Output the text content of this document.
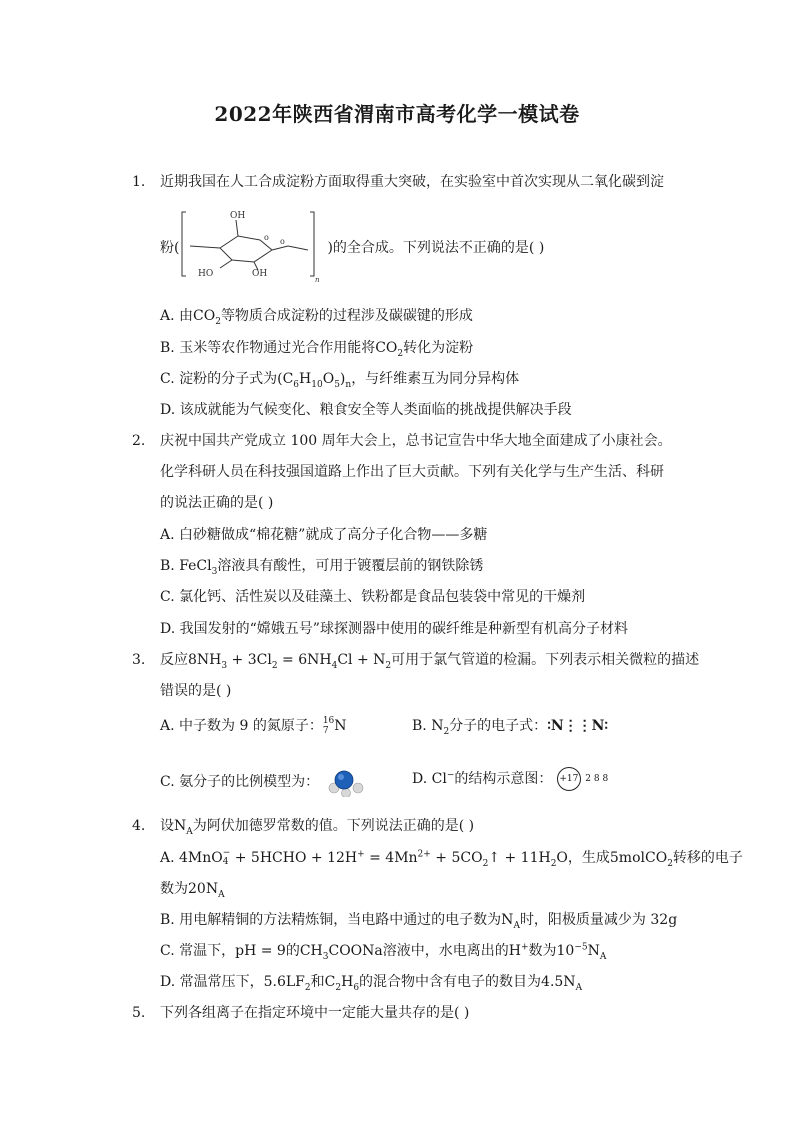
2022年陕西省渭南市高考化学一模试卷
1. 近期我国在人工合成淀粉方面取得重大突破，在实验室中首次实现从二氧化碳到淀
粉(	)的全合成。下列说法不正确的是( )
OH
o o
HO	OH
n
A. 由$CO_2$等物质合成淀粉的过程涉及碳碳键的形成
B. 玉米等农作物通过光合作用能将$CO_2$转化为淀粉
C. 淀粉的分子式为$(C_6H_{10}O_5)_n$，与纤维素互为同分异构体
D. 该成就能为气候变化、粮食安全等人类面临的挑战提供解决手段
2. 庆祝中国共产党成立 100 周年大会上，总书记宣告中华大地全面建成了小康社会。
化学科研人员在科技强国道路上作出了巨大贡献。下列有关化学与生产生活、科研
的说法正确的是( )
A. 白砂糖做成“棉花糖”就成了高分子化合物——多糖
B. FeCl$_3$溶液具有酸性，可用于镀覆层前的钢铁除锈
C. 氯化钙、活性炭以及硅藻土、铁粉都是食品包装袋中常见的干燥剂
D. 我国发射的“嫦娥五号”球探测器中使用的碳纤维是种新型有机高分子材料
3. 反应$8NH_3 + 3Cl_2 = 6NH_4Cl + N_2$可用于氯气管道的检漏。下列表示相关微粒的描述
错误的是( )
A. 中子数为 9 的氮原子： 16
7 N	B. $N_2$分子的电子式：∶N⋮⋮N∶
C. 氨分子的比例模型为：	D. Cl−的结构示意图： +17 2 8 8
4. 设$N_A$为阿伏加德罗常数的值。下列说法正确的是( )
A. 4MnO −
4 + 5HCHO + $12H^+ = 4Mn^{2+}$ + $5CO_2↑ + 11H_2O$，生成5molCO$_2$转移的电子
数为$20N_A$
B. 用电解精铜的方法精炼铜，当电路中通过的电子数为$N_A$时，阳极质量减少为 32g
C. 常温下，pH = 9的$CH_3COONa$溶液中，水电离出的H+数为$10^{-5}N_A$
D. 常温常压下，$5.6LF_2$和$C_2H_6$的混合物中含有电子的数目为$4.5N_A$
5. 下列各组离子在指定环境中一定能大量共存的是( )
